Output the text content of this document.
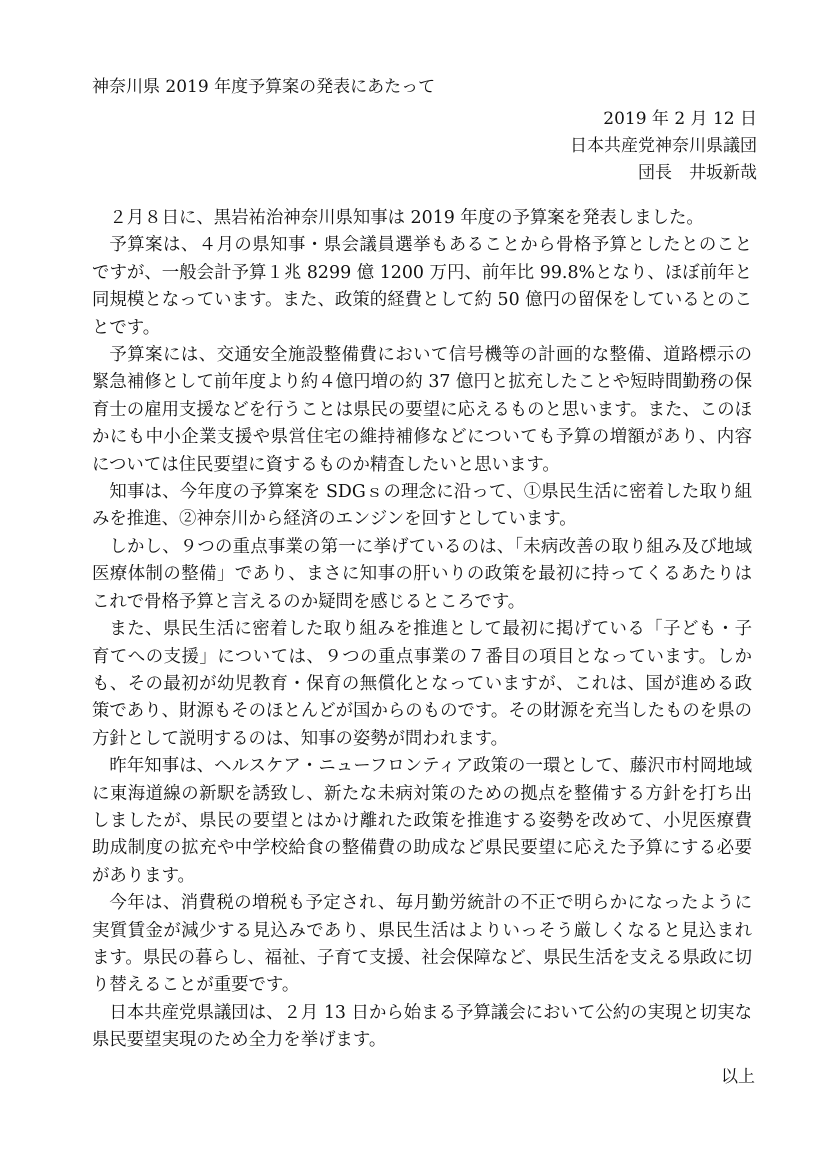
神奈川県 2019 年度予算案の発表にあたって
2019 年 2 月 12 日
日本共産党神奈川県議団
団長　井坂新哉

２月８日に、黒岩祐治神奈川県知事は 2019 年度の予算案を発表しました。

予算案は、４月の県知事・県会議員選挙もあることから骨格予算としたとのことですが、一般会計予算１兆 8299 億 1200 万円、前年比 99.8%となり、ほぼ前年と同規模となっています。また、政策的経費として約 50 億円の留保をしているとのことです。

予算案には、交通安全施設整備費において信号機等の計画的な整備、道路標示の緊急補修として前年度より約４億円増の約 37 億円と拡充したことや短時間勤務の保育士の雇用支援などを行うことは県民の要望に応えるものと思います。また、このほかにも中小企業支援や県営住宅の維持補修などについても予算の増額があり、内容については住民要望に資するものか精査したいと思います。

知事は、今年度の予算案を SDGｓの理念に沿って、①県民生活に密着した取り組みを推進、②神奈川から経済のエンジンを回すとしています。

しかし、９つの重点事業の第一に挙げているのは、「未病改善の取り組み及び地域医療体制の整備」であり、まさに知事の肝いりの政策を最初に持ってくるあたりはこれで骨格予算と言えるのか疑問を感じるところです。

また、県民生活に密着した取り組みを推進として最初に掲げている「子ども・子育てへの支援」については、９つの重点事業の７番目の項目となっています。しかも、その最初が幼児教育・保育の無償化となっていますが、これは、国が進める政策であり、財源もそのほとんどが国からのものです。その財源を充当したものを県の方針として説明するのは、知事の姿勢が問われます。

昨年知事は、ヘルスケア・ニューフロンティア政策の一環として、藤沢市村岡地域に東海道線の新駅を誘致し、新たな未病対策のための拠点を整備する方針を打ち出しましたが、県民の要望とはかけ離れた政策を推進する姿勢を改めて、小児医療費助成制度の拡充や中学校給食の整備費の助成など県民要望に応えた予算にする必要があります。

今年は、消費税の増税も予定され、毎月勤労統計の不正で明らかになったように実質賃金が減少する見込みであり、県民生活はよりいっそう厳しくなると見込まれます。県民の暮らし、福祉、子育て支援、社会保障など、県民生活を支える県政に切り替えることが重要です。

日本共産党県議団は、２月 13 日から始まる予算議会において公約の実現と切実な県民要望実現のため全力を挙げます。

以上
